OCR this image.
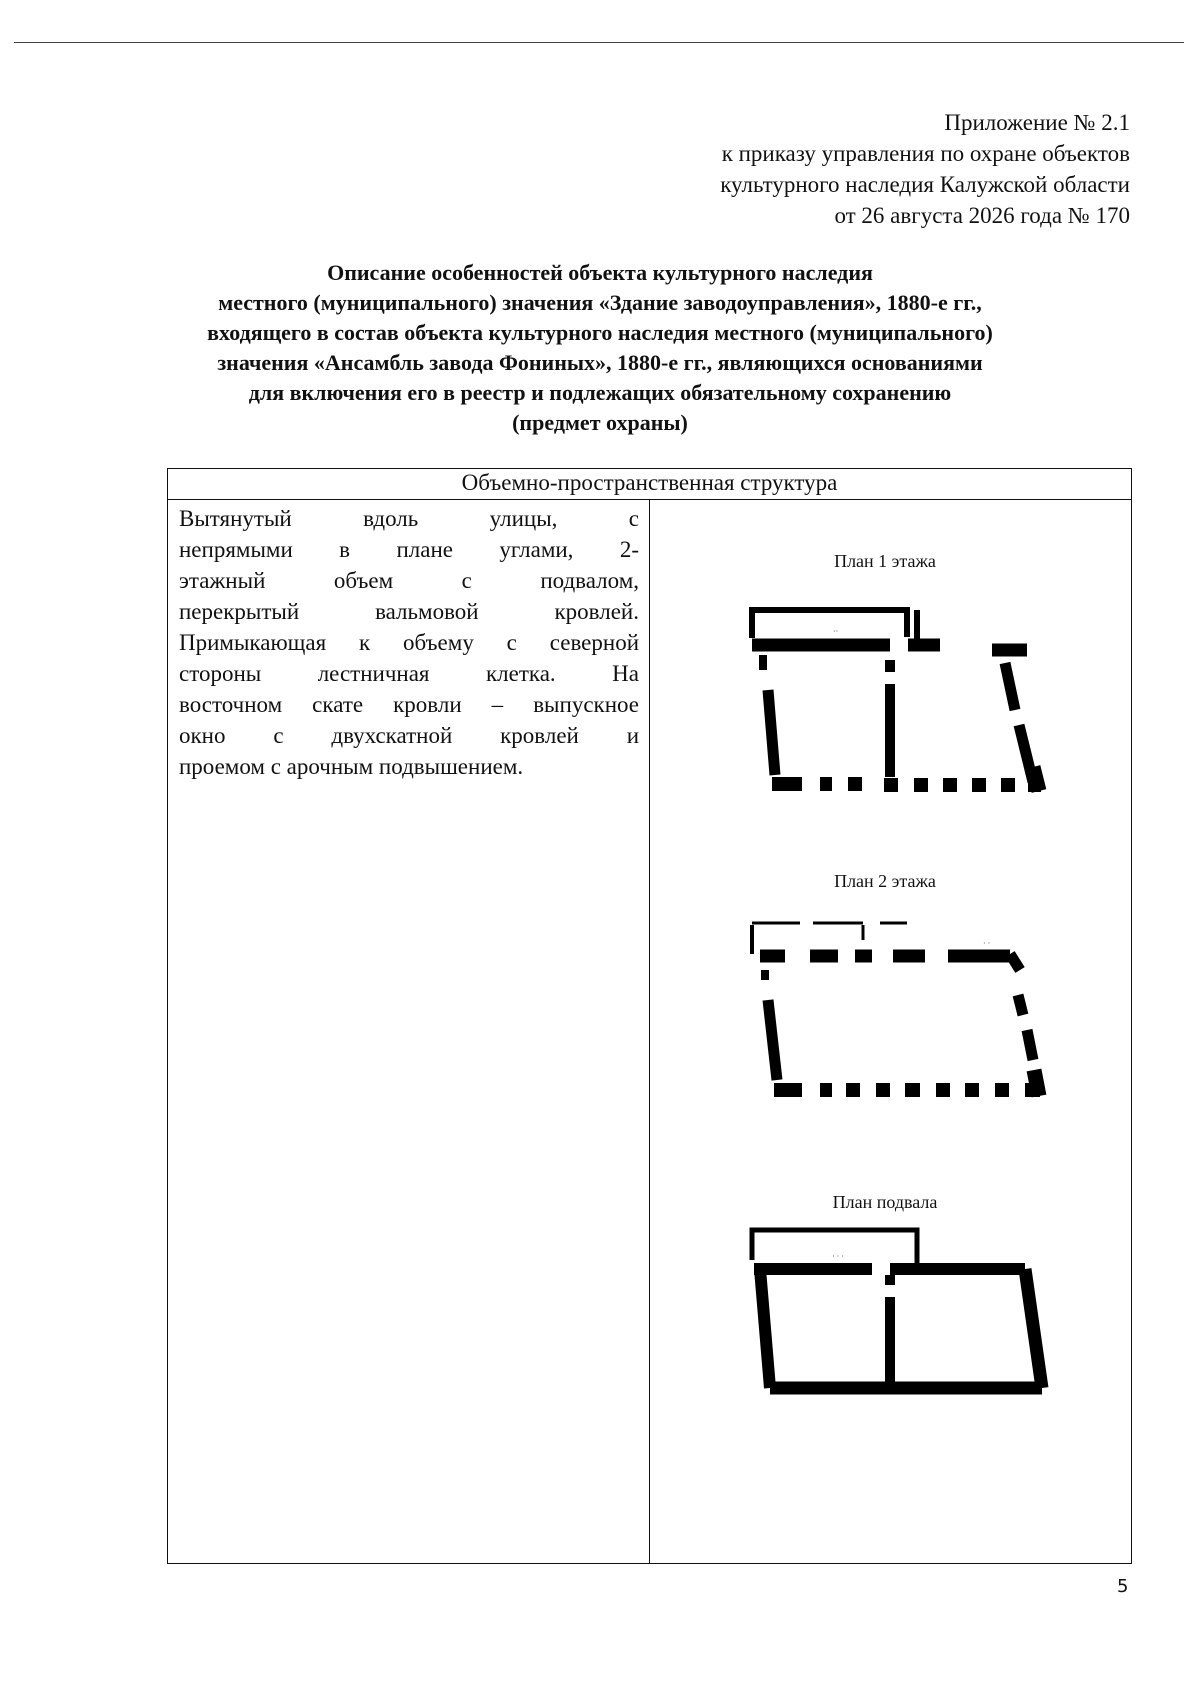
Приложение № 2.1
к приказу управления по охране объектов
культурного наследия Калужской области
от 26 августа 2026 года № 170
Описание особенностей объекта культурного наследия
местного (муниципального) значения «Здание заводоуправления», 1880-е гг.,
входящего в состав объекта культурного наследия местного (муниципального)
значения «Ансамбль завода Фониных», 1880-е гг., являющихся основаниями
для включения его в реестр и подлежащих обязательному сохранению
(предмет охраны)
Объемно-пространственная структура

Вытянутый вдоль улицы, с
непрямыми в плане углами, 2-
этажный объем с подвалом,
перекрытый вальмовой кровлей.
Примыкающая к объему с северной
стороны лестничная клетка. На
восточном скате кровли – выпускное
окно с двухскатной кровлей и
проемом с арочным подвышением.

План 1 этажа
··
План 2 этажа
· ·
План подвала
· · ·
5
